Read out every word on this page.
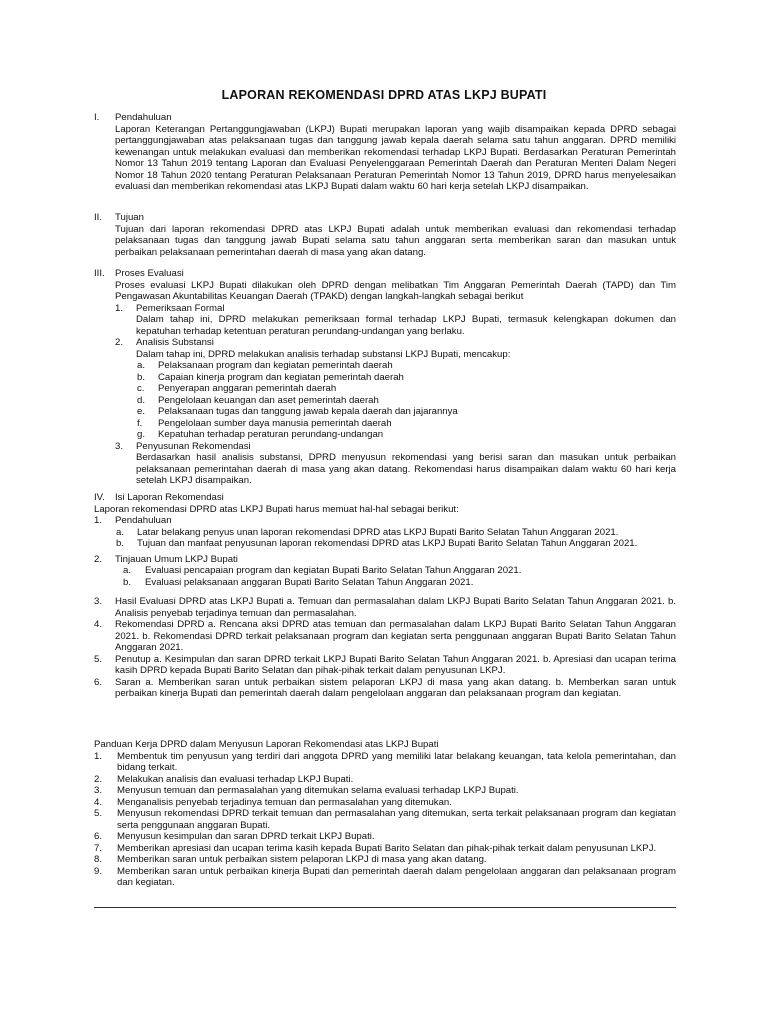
LAPORAN REKOMENDASI DPRD ATAS LKPJ BUPATI
I.	Pendahuluan
Laporan Keterangan Pertanggungjawaban (LKPJ) Bupati merupakan laporan yang wajib disampaikan kepada DPRD sebagai pertanggungjawaban atas pelaksanaan tugas dan tanggung jawab kepala daerah selama satu tahun anggaran. DPRD memiliki kewenangan untuk melakukan evaluasi dan memberikan rekomendasi terhadap LKPJ Bupati. Berdasarkan Peraturan Pemerintah Nomor 13 Tahun 2019 tentang Laporan dan Evaluasi Penyelenggaraan Pemerintah Daerah dan Peraturan Menteri Dalam Negeri Nomor 18 Tahun 2020 tentang Peraturan Pelaksanaan Peraturan Pemerintah Nomor 13 Tahun 2019, DPRD harus menyelesaikan evaluasi dan memberikan rekomendasi atas LKPJ Bupati dalam waktu 60 hari kerja setelah LKPJ disampaikan.
II.	Tujuan
Tujuan dari laporan rekomendasi DPRD atas LKPJ Bupati adalah untuk memberikan evaluasi dan rekomendasi terhadap pelaksanaan tugas dan tanggung jawab Bupati selama satu tahun anggaran serta memberikan saran dan masukan untuk perbaikan pelaksanaan pemerintahan daerah di masa yang akan datang.
III.	Proses Evaluasi
Proses evaluasi LKPJ Bupati dilakukan oleh DPRD dengan melibatkan Tim Anggaran Pemerintah Daerah (TAPD) dan Tim Pengawasan Akuntabilitas Keuangan Daerah (TPAKD) dengan langkah-langkah sebagai berikut
1. Pemeriksaan Formal
Dalam tahap ini, DPRD melakukan pemeriksaan formal terhadap LKPJ Bupati, termasuk kelengkapan dokumen dan kepatuhan terhadap ketentuan peraturan perundang-undangan yang berlaku.
2. Analisis Substansi
Dalam tahap ini, DPRD melakukan analisis terhadap substansi LKPJ Bupati, mencakup:
a. Pelaksanaan program dan kegiatan pemerintah daerah
b. Capaian kinerja program dan kegiatan pemerintah daerah
c. Penyerapan anggaran pemerintah daerah
d. Pengelolaan keuangan dan aset pemerintah daerah
e. Pelaksanaan tugas dan tanggung jawab kepala daerah dan jajarannya
f. Pengelolaan sumber daya manusia pemerintah daerah
g. Kepatuhan terhadap peraturan perundang-undangan
3. Penyusunan Rekomendasi
Berdasarkan hasil analisis substansi, DPRD menyusun rekomendasi yang berisi saran dan masukan untuk perbaikan pelaksanaan pemerintahan daerah di masa yang akan datang. Rekomendasi harus disampaikan dalam waktu 60 hari kerja setelah LKPJ disampaikan.
IV.	Isi Laporan Rekomendasi
Laporan rekomendasi DPRD atas LKPJ Bupati harus memuat hal-hal sebagai berikut:
1. Pendahuluan
a. Latar belakang penyus unan laporan rekomendasi DPRD atas LKPJ Bupati Barito Selatan Tahun Anggaran 2021.
b. Tujuan dan manfaat penyusunan laporan rekomendasi DPRD atas LKPJ Bupati Barito Selatan Tahun Anggaran 2021.
2. Tinjauan Umum LKPJ Bupati
a. Evaluasi pencapaian program dan kegiatan Bupati Barito Selatan Tahun Anggaran 2021.
b. Evaluasi pelaksanaan anggaran Bupati Barito Selatan Tahun Anggaran 2021.
3. Hasil Evaluasi DPRD atas LKPJ Bupati a. Temuan dan permasalahan dalam LKPJ Bupati Barito Selatan Tahun Anggaran 2021. b. Analisis penyebab terjadinya temuan dan permasalahan.
4. Rekomendasi DPRD a. Rencana aksi DPRD atas temuan dan permasalahan dalam LKPJ Bupati Barito Selatan Tahun Anggaran 2021. b. Rekomendasi DPRD terkait pelaksanaan program dan kegiatan serta penggunaan anggaran Bupati Barito Selatan Tahun Anggaran 2021.
5. Penutup a. Kesimpulan dan saran DPRD terkait LKPJ Bupati Barito Selatan Tahun Anggaran 2021. b. Apresiasi dan ucapan terima kasih DPRD kepada Bupati Barito Selatan dan pihak-pihak terkait dalam penyusunan LKPJ.
6. Saran a. Memberikan saran untuk perbaikan sistem pelaporan LKPJ di masa yang akan datang. b. Memberkan saran untuk perbaikan kinerja Bupati dan pemerintah daerah dalam pengelolaan anggaran dan pelaksanaan program dan kegiatan.
Panduan Kerja DPRD dalam Menyusun Laporan Rekomendasi atas LKPJ Bupati
1. Membentuk tim penyusun yang terdiri dari anggota DPRD yang memiliki latar belakang keuangan, tata kelola pemerintahan, dan bidang terkait.
2. Melakukan analisis dan evaluasi terhadap LKPJ Bupati.
3. Menyusun temuan dan permasalahan yang ditemukan selama evaluasi terhadap LKPJ Bupati.
4. Menganalisis penyebab terjadinya temuan dan permasalahan yang ditemukan.
5. Menyusun rekomendasi DPRD terkait temuan dan permasalahan yang ditemukan, serta terkait pelaksanaan program dan kegiatan serta penggunaan anggaran Bupati.
6. Menyusun kesimpulan dan saran DPRD terkait LKPJ Bupati.
7. Memberikan apresiasi dan ucapan terima kasih kepada Bupati Barito Selatan dan pihak-pihak terkait dalam penyusunan LKPJ.
8. Memberikan saran untuk perbaikan sistem pelaporan LKPJ di masa yang akan datang.
9. Memberikan saran untuk perbaikan kinerja Bupati dan pemerintah daerah dalam pengelolaan anggaran dan pelaksanaan program dan kegiatan.
